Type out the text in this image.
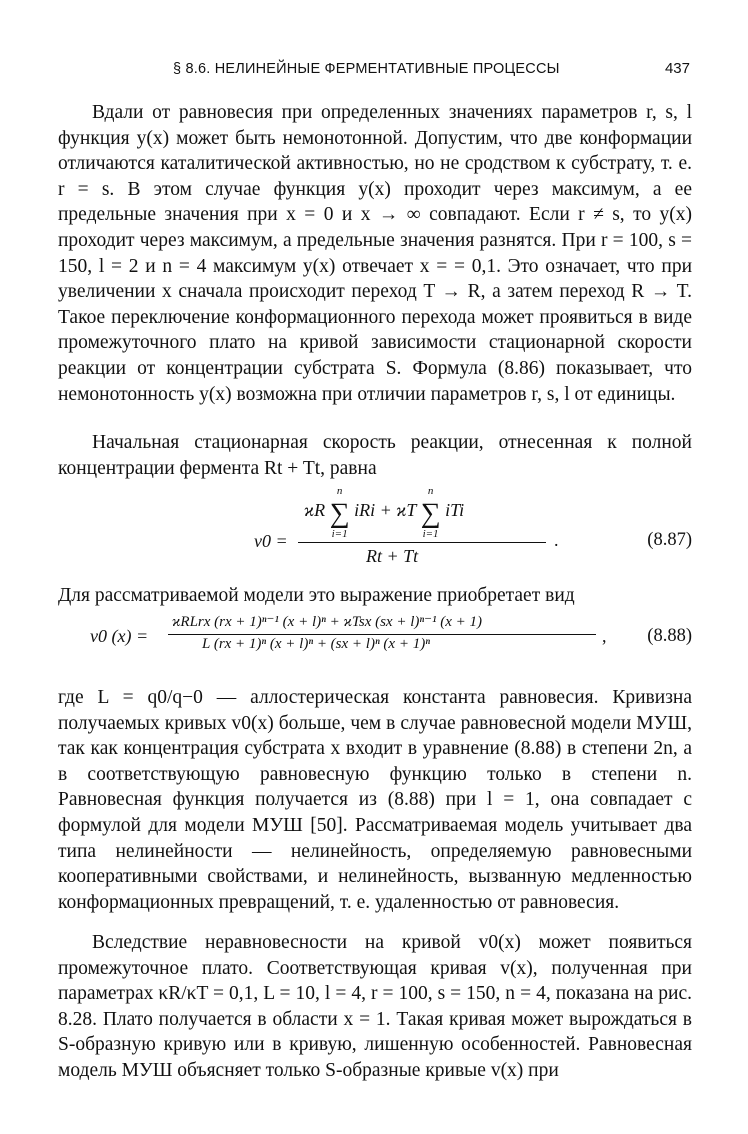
§ 8.6. НЕЛИНЕЙНЫЕ ФЕРМЕНТАТИВНЫЕ ПРОЦЕССЫ	437

Вдали от равновесия при определенных значениях параметров r, s, l функция y(x) может быть немонотонной. Допустим, что две конформации отличаются каталитической активностью, но не сродством к субстрату, т. е. r = s. В этом случае функция y(x) проходит через максимум, а ее предельные значения при x = 0 и x → ∞ совпадают. Если r ≠ s, то y(x) проходит через максимум, а предельные значения разнятся. При r = 100, s = 150, l = 2 и n = 4 максимум y(x) отвечает x = = 0,1. Это означает, что при увеличении x сначала происходит переход T → R, а затем переход R → T. Такое переключение конформационного перехода может проявиться в виде промежуточного плато на кривой зависимости стационарной скорости реакции от концентрации субстрата S. Формула (8.86) показывает, что немонотонность y(x) возможна при отличии параметров r, s, l от единицы.

Начальная стационарная скорость реакции, отнесенная к полной концентрации фермента Rt + Tt, равна

v0 =
ϰR ∑
n
i=1
iRi + ϰT ∑
n
i=1
iTi
Rt + Tt
.	(8.87)

Для рассматриваемой модели это выражение приобретает вид

v0 (x) =
ϰRLrx (rx + 1)ⁿ⁻¹ (x + l)ⁿ + ϰTsx (sx + l)ⁿ⁻¹ (x + 1)
L (rx + 1)ⁿ (x + l)ⁿ + (sx + l)ⁿ (x + 1)ⁿ	, (8.88)

где L = q0/q−0 — аллостерическая константа равновесия. Кривизна получаемых кривых v0(x) больше, чем в случае равновесной модели МУШ, так как концентрация субстрата x входит в уравнение (8.88) в степени 2n, а в соответствующую равновесную функцию только в степени n. Равновесная функция получается из (8.88) при l = 1, она совпадает с формулой для модели МУШ [50]. Рассматриваемая модель учитывает два типа нелинейности — нелинейность, определяемую равновесными кооперативными свойствами, и нелинейность, вызванную медленностью конформационных превращений, т. е. удаленностью от равновесия.

Вследствие неравновесности на кривой v0(x) может появиться промежуточное плато. Соответствующая кривая v(x), полученная при параметрах κR/κT = 0,1, L = 10, l = 4, r = 100, s = 150, n = 4, показана на рис. 8.28. Плато получается в области x = 1. Такая кривая может вырождаться в S-образную кривую или в кривую, лишенную особенностей. Равновесная модель МУШ объясняет только S-образные кривые v(x) при
